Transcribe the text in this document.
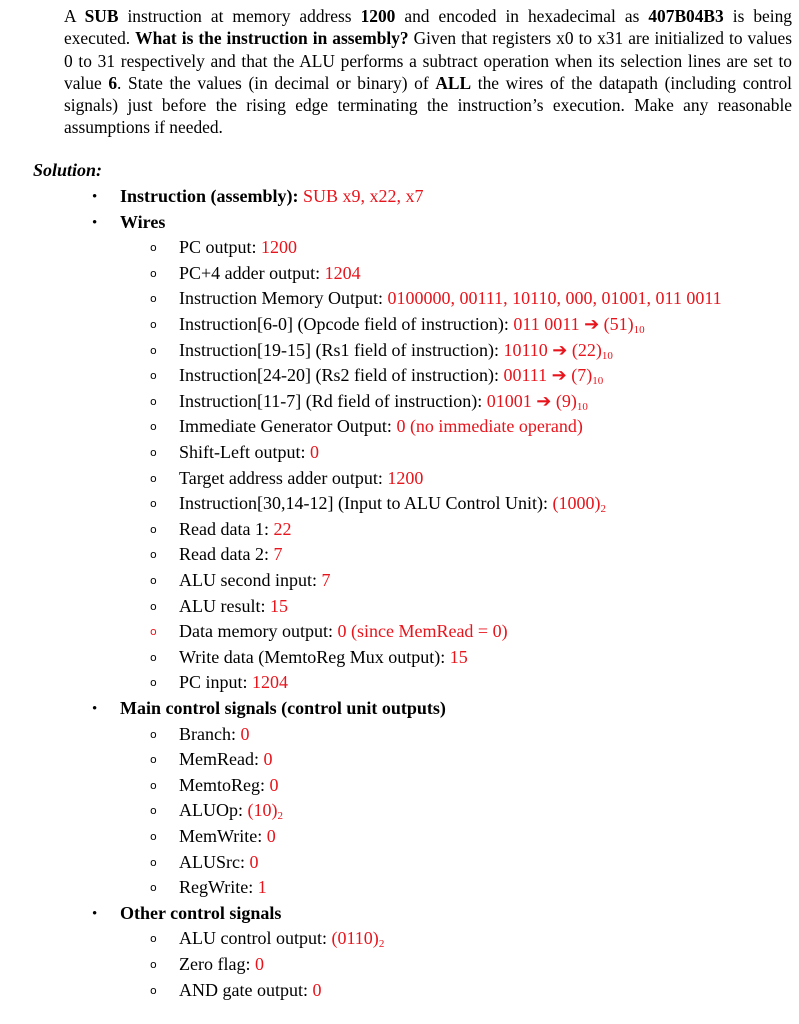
A SUB instruction at memory address 1200 and encoded in hexadecimal as 407B04B3 is being executed. What is the instruction in assembly? Given that registers x0 to x31 are initialized to values 0 to 31 respectively and that the ALU performs a subtract operation when its selection lines are set to value 6. State the values (in decimal or binary) of ALL the wires of the datapath (including control signals) just before the rising edge terminating the instruction’s execution. Make any reasonable assumptions if needed.
Solution:
• Instruction (assembly): SUB x9, x22, x7
• Wires
o PC output: 1200
o PC+4 adder output: 1204
o Instruction Memory Output: 0100000, 00111, 10110, 000, 01001, 011 0011
o Instruction[6-0] (Opcode field of instruction): 011 0011 ➔ $(51)_{10}$
o Instruction[19-15] (Rs1 field of instruction): 10110 ➔ $(22)_{10}$
o Instruction[24-20] (Rs2 field of instruction): 00111 ➔ $(7)_{10}$
o Instruction[11-7] (Rd field of instruction): 01001 ➔ $(9)_{10}$
o Immediate Generator Output: 0 (no immediate operand)
o Shift-Left output: 0
o Target address adder output: 1200
o Instruction[30,14-12] (Input to ALU Control Unit): $(1000)_2$
o Read data 1: 22
o Read data 2: 7
o ALU second input: 7
o ALU result: 15
o Data memory output: 0 (since MemRead = 0)
o Write data (MemtoReg Mux output): 15
o PC input: 1204
• Main control signals (control unit outputs)
o Branch: 0
o MemRead: 0
o MemtoReg: 0
o ALUOp: $(10)_2$
o MemWrite: 0
o ALUSrc: 0
o RegWrite: 1
• Other control signals
o ALU control output: $(0110)_2$
o Zero flag: 0
o AND gate output: 0
